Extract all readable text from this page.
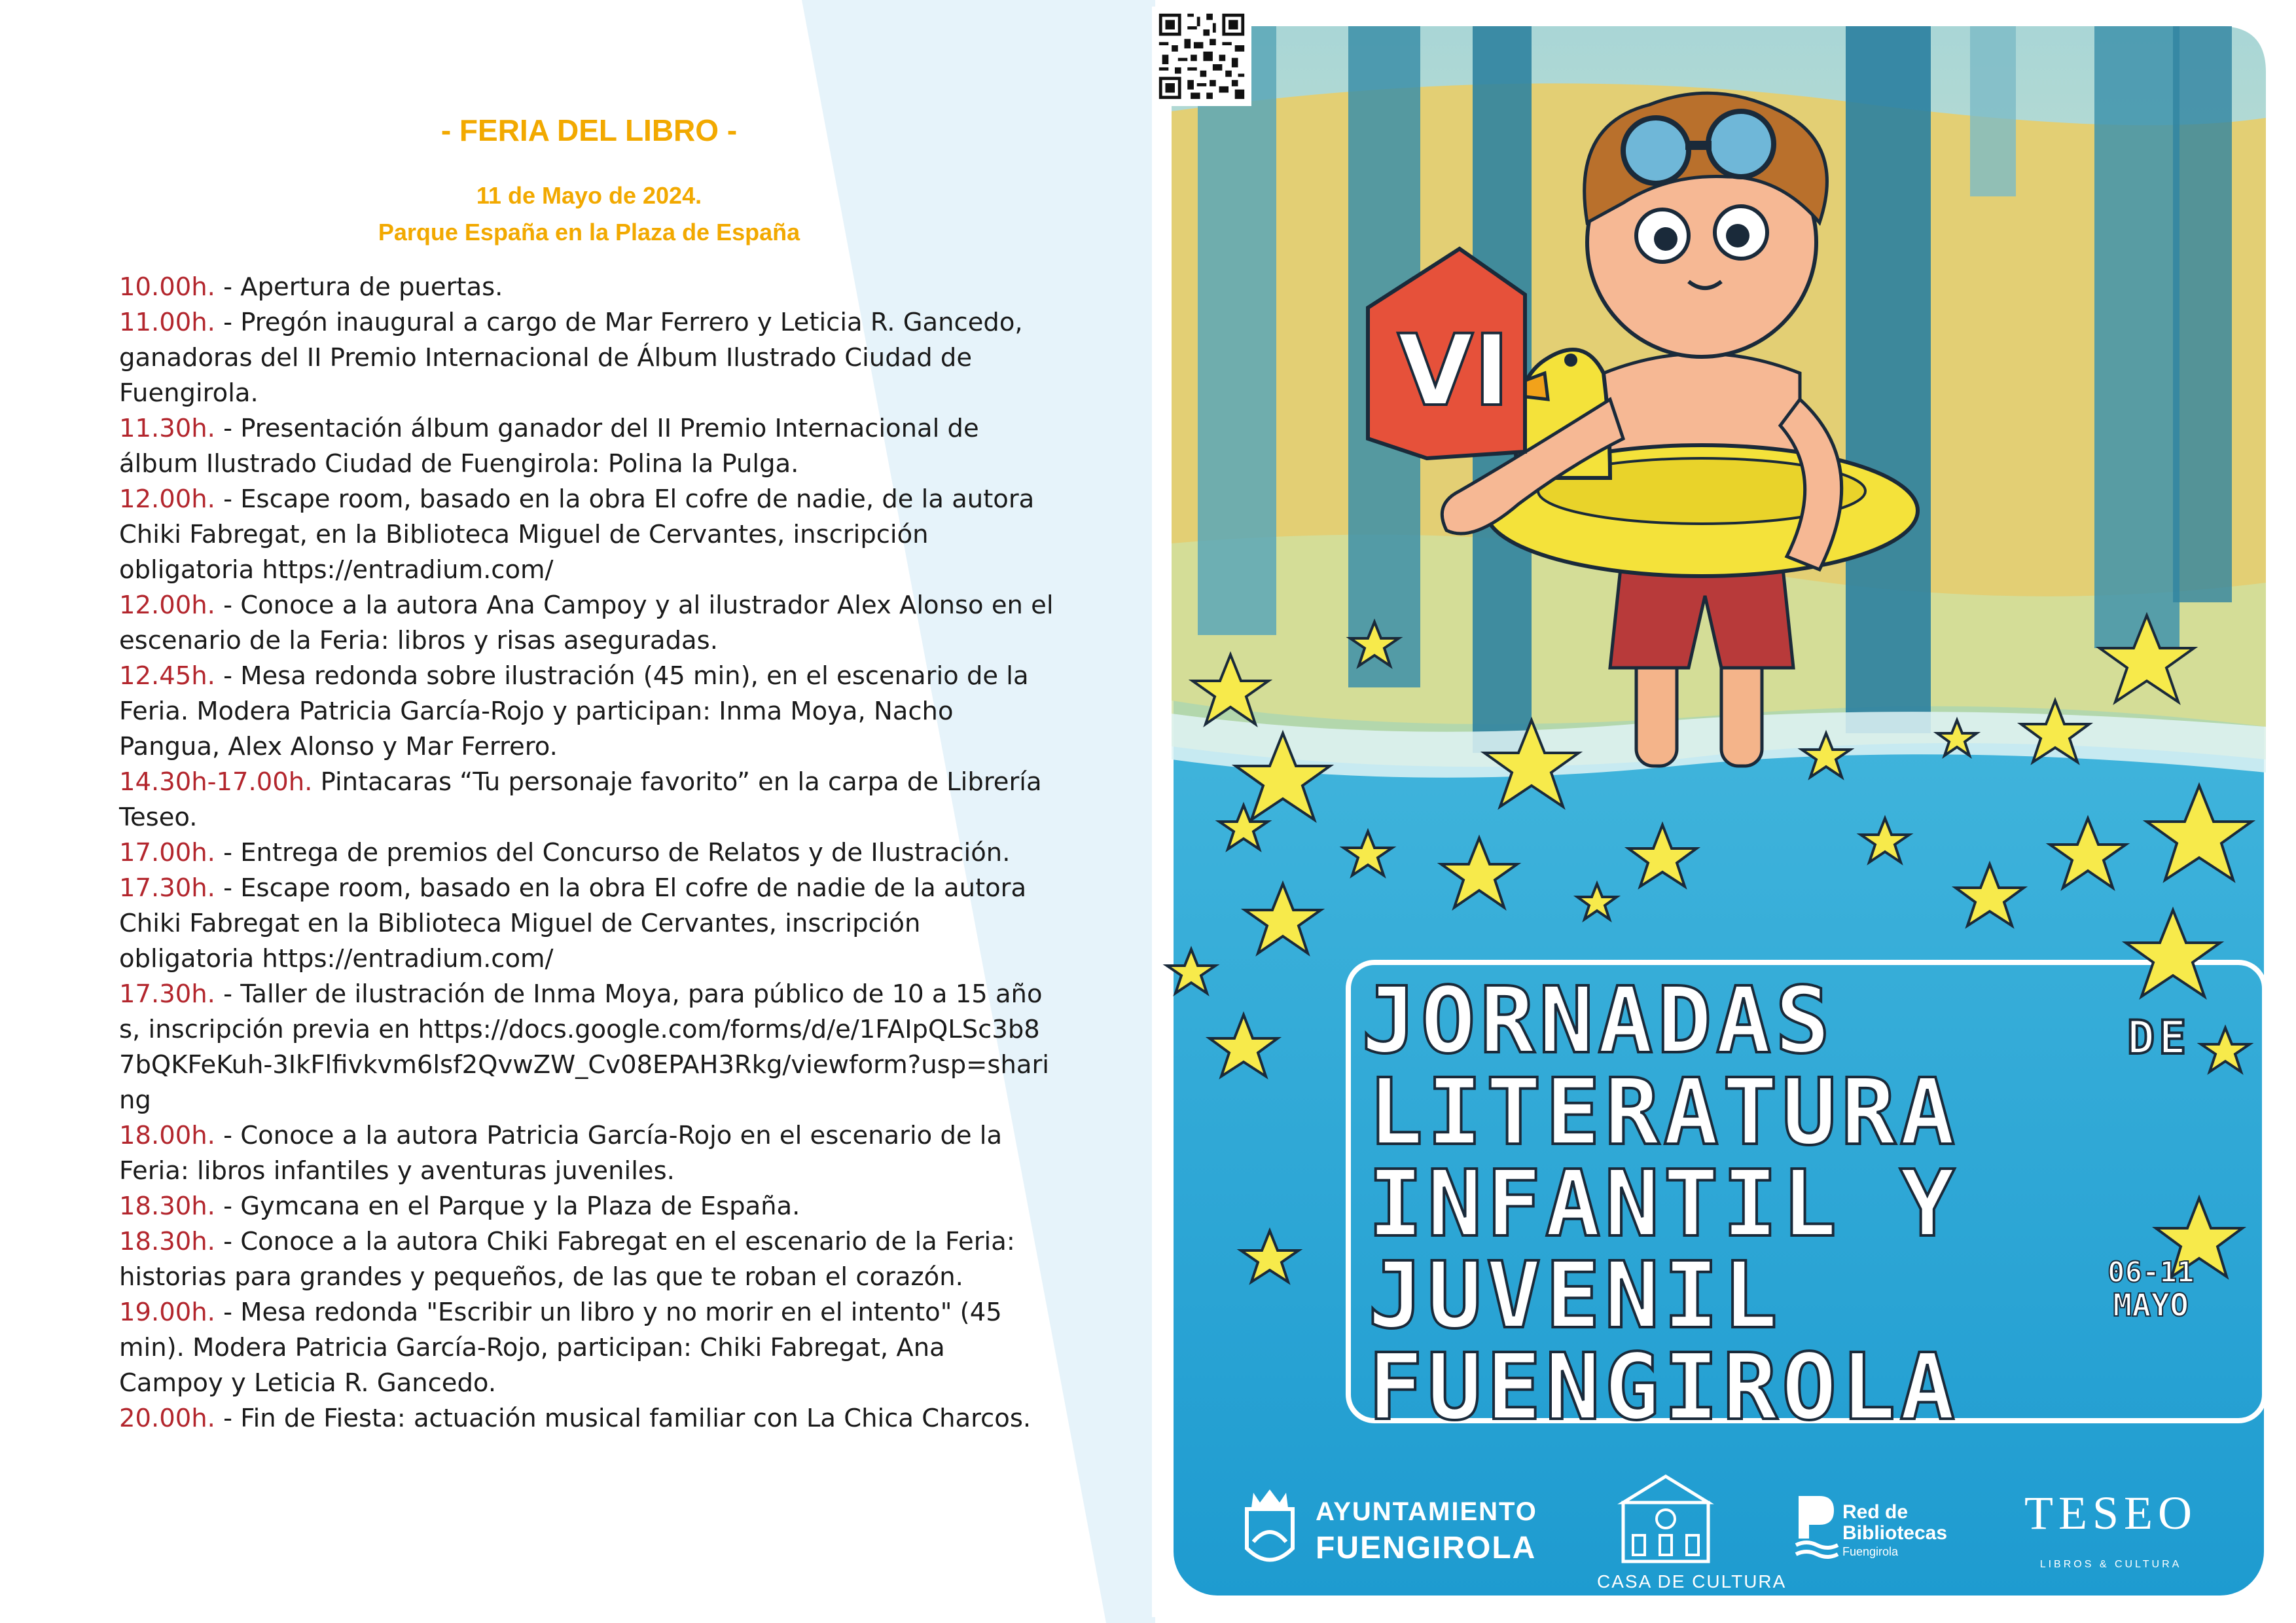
- FERIA DEL LIBRO -
11 de Mayo de 2024.
Parque España en la Plaza de España
10.00h. - Apertura de puertas.
11.00h. - Pregón inaugural a cargo de Mar Ferrero y Leticia R. Gancedo, ganadoras del II Premio Internacional de Álbum Ilustrado Ciudad de Fuengirola.
11.30h. - Presentación álbum ganador del II Premio Internacional de álbum Ilustrado Ciudad de Fuengirola: Polina la Pulga.
12.00h. - Escape room, basado en la obra El cofre de nadie, de la autora Chiki Fabregat, en la Biblioteca Miguel de Cervantes, inscripción obligatoria https://entradium.com/
12.00h. - Conoce a la autora Ana Campoy y al ilustrador Alex Alonso en el escenario de la Feria: libros y risas aseguradas.
12.45h. - Mesa redonda sobre ilustración (45 min), en el escenario de la Feria. Modera Patricia García-Rojo y participan: Inma Moya, Nacho Pangua, Alex Alonso y Mar Ferrero.
14.30h-17.00h. Pintacaras “Tu personaje favorito” en la carpa de Librería Teseo.
17.00h. - Entrega de premios del Concurso de Relatos y de Ilustración.
17.30h. - Escape room, basado en la obra El cofre de nadie de la autora Chiki Fabregat en la Biblioteca Miguel de Cervantes, inscripción obligatoria https://entradium.com/
17.30h. - Taller de ilustración de Inma Moya, para público de 10 a 15 años, inscripción previa en https://docs.google.com/forms/d/e/1FAIpQLSc3b87bQKFeKuh-3IkFlfivkvm6lsf2QvwZW_Cv08EPAH3Rkg/viewform?usp=sharing
18.00h. - Conoce a la autora Patricia García-Rojo en el escenario de la Feria: libros infantiles y aventuras juveniles.
18.30h. - Gymcana en el Parque y la Plaza de España.
18.30h. - Conoce a la autora Chiki Fabregat en el escenario de la Feria: historias para grandes y pequeños, de las que te roban el corazón.
19.00h. - Mesa redonda "Escribir un libro y no morir en el intento" (45 min). Modera Patricia García-Rojo, participan: Chiki Fabregat, Ana Campoy y Leticia R. Gancedo.
20.00h. - Fin de Fiesta: actuación musical familiar con La Chica Charcos.
VI
JORNADAS	DE
LITERATURA
INFANTIL Y
JUVENIL
FUENGIROLA
06-11
MAYO
AYUNTAMIENTO
FUENGIROLA
CASA DE CULTURA
Red de Bibliotecas
Fuengirola
TESEO
LIBROS & CULTURA
